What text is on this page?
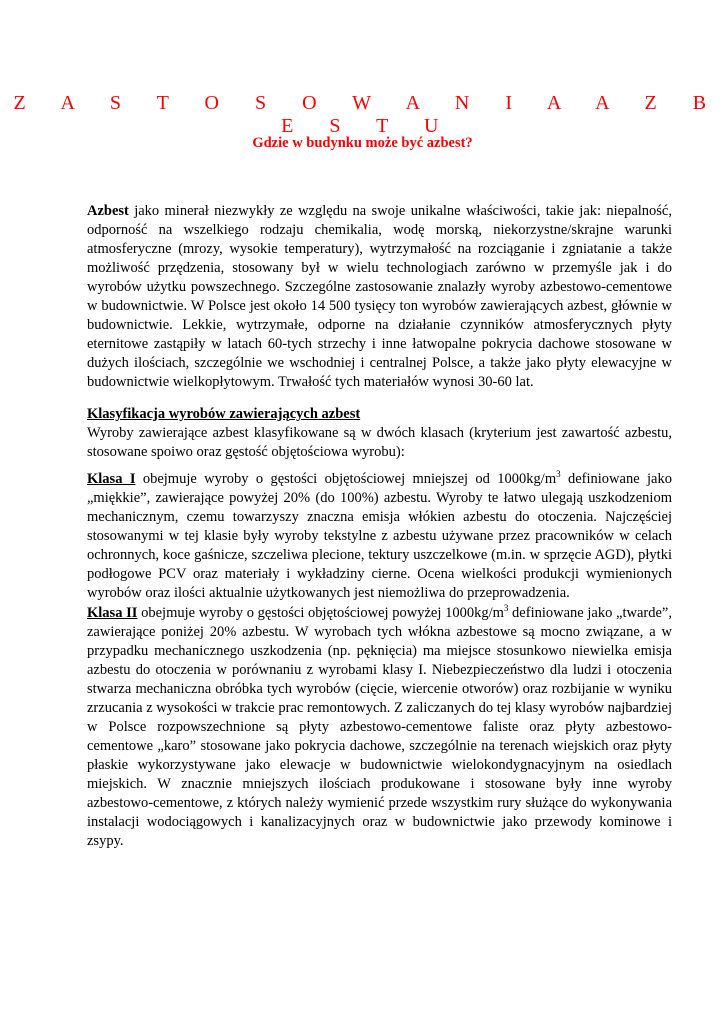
Z A S T O S O W A N I A A Z B E S T U
Gdzie w budynku może być azbest?

Azbest jako minerał niezwykły ze względu na swoje unikalne właściwości, takie jak: niepalność, odporność na wszelkiego rodzaju chemikalia, wodę morską, niekorzystne/skrajne warunki atmosferyczne (mrozy, wysokie temperatury), wytrzymałość na rozciąganie i zgniatanie a także możliwość przędzenia, stosowany był w wielu technologiach zarówno w przemyśle jak i do wyrobów użytku powszechnego. Szczególne zastosowanie znalazły wyroby azbestowo-cementowe w budownictwie. W Polsce jest około 14 500 tysięcy ton wyrobów zawierających azbest, głównie w budownictwie. Lekkie, wytrzymałe, odporne na działanie czynników atmosferycznych płyty eternitowe zastąpiły w latach 60-tych strzechy i inne łatwopalne pokrycia dachowe stosowane w dużych ilościach, szczególnie we wschodniej i centralnej Polsce, a także jako płyty elewacyjne w budownictwie wielkopłytowym. Trwałość tych materiałów wynosi 30-60 lat.

Klasyfikacja wyrobów zawierających azbest

Wyroby zawierające azbest klasyfikowane są w dwóch klasach (kryterium jest zawartość azbestu, stosowane spoiwo oraz gęstość objętościowa wyrobu):

Klasa I obejmuje wyroby o gęstości objętościowej mniejszej od $1000kg/m^3$ definiowane jako „miękkie”, zawierające powyżej 20% (do 100%) azbestu. Wyroby te łatwo ulegają uszkodzeniom mechanicznym, czemu towarzyszy znaczna emisja włókien azbestu do otoczenia. Najczęściej stosowanymi w tej klasie były wyroby tekstylne z azbestu używane przez pracowników w celach ochronnych, koce gaśnicze, szczeliwa plecione, tektury uszczelkowe (m.in. w sprzęcie AGD), płytki podłogowe PCV oraz materiały i wykładziny cierne. Ocena wielkości produkcji wymienionych wyrobów oraz ilości aktualnie użytkowanych jest niemożliwa do przeprowadzenia.

Klasa II obejmuje wyroby o gęstości objętościowej powyżej $1000kg/m^3$ definiowane jako „twarde”, zawierające poniżej 20% azbestu. W wyrobach tych włókna azbestowe są mocno związane, a w przypadku mechanicznego uszkodzenia (np. pęknięcia) ma miejsce stosunkowo niewielka emisja azbestu do otoczenia w porównaniu z wyrobami klasy I. Niebezpieczeństwo dla ludzi i otoczenia stwarza mechaniczna obróbka tych wyrobów (cięcie, wiercenie otworów) oraz rozbijanie w wyniku zrzucania z wysokości w trakcie prac remontowych. Z zaliczanych do tej klasy wyrobów najbardziej w Polsce rozpowszechnione są płyty azbestowo-cementowe faliste oraz płyty azbestowo-cementowe „karo” stosowane jako pokrycia dachowe, szczególnie na terenach wiejskich oraz płyty płaskie wykorzystywane jako elewacje w budownictwie wielokondygnacyjnym na osiedlach miejskich. W znacznie mniejszych ilościach produkowane i stosowane były inne wyroby azbestowo-cementowe, z których należy wymienić przede wszystkim rury służące do wykonywania instalacji wodociągowych i kanalizacyjnych oraz w budownictwie jako przewody kominowe i zsypy.
